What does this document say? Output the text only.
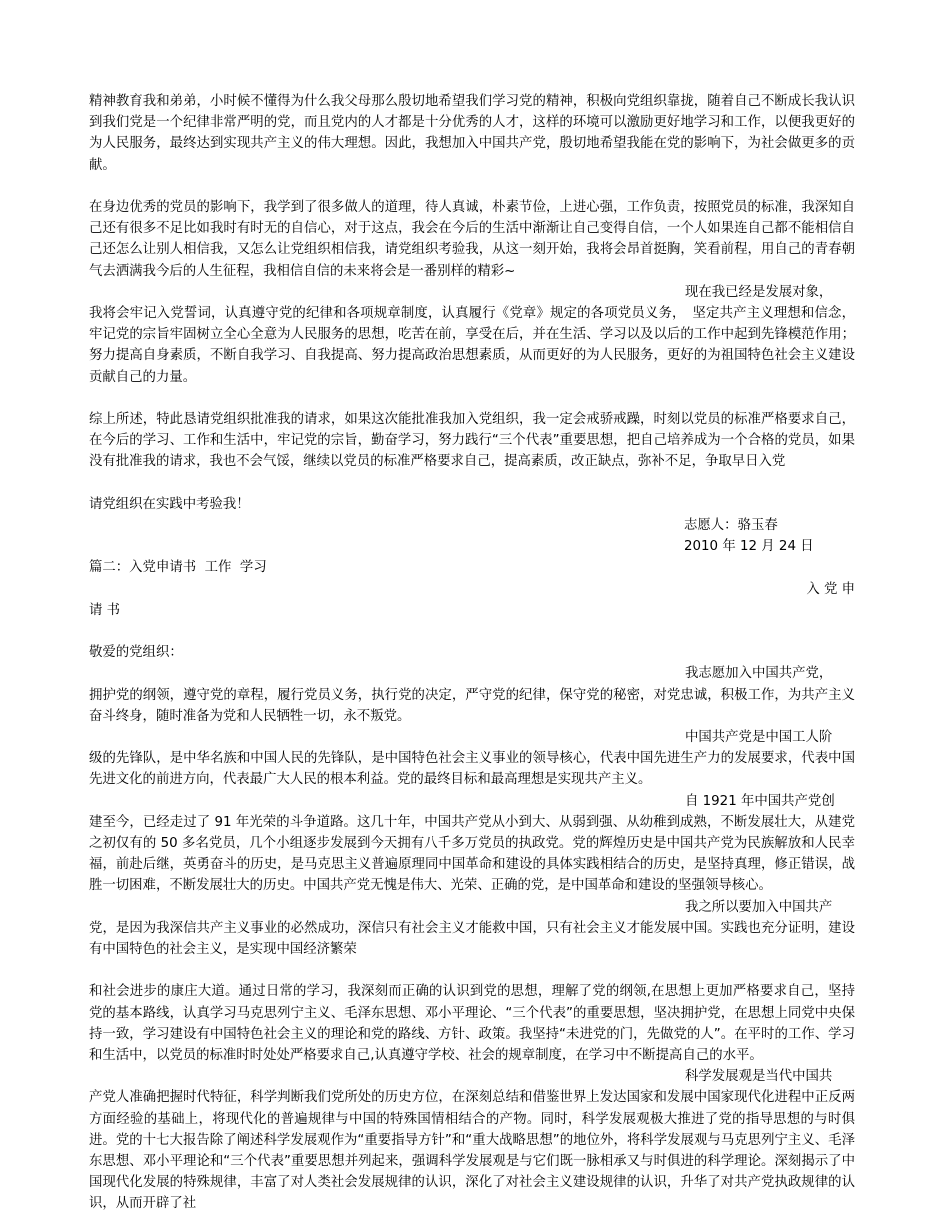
精神教育我和弟弟，小时候不懂得为什么我父母那么殷切地希望我们学习党的精神，积极向党组织靠拢，随着自己不断成长我认识到我们党是一个纪律非常严明的党，而且党内的人才都是十分优秀的人才，这样的环境可以激励更好地学习和工作，以便我更好的为人民服务，最终达到实现共产主义的伟大理想。因此，我想加入中国共产党，殷切地希望我能在党的影响下，为社会做更多的贡献。

在身边优秀的党员的影响下，我学到了很多做人的道理，待人真诚，朴素节俭，上进心强，工作负责，按照党员的标准，我深知自己还有很多不足比如我时有时无的自信心，对于这点，我会在今后的生活中渐渐让自己变得自信，一个人如果连自己都不能相信自己还怎么让别人相信我，又怎么让党组织相信我，请党组织考验我，从这一刻开始，我将会昂首挺胸，笑看前程，用自己的青春朝气去洒满我今后的人生征程，我相信自信的未来将会是一番别样的精彩~

现在我已经是发展对象，

我将会牢记入党誓词，认真遵守党的纪律和各项规章制度，认真履行《党章》规定的各项党员义务，　坚定共产主义理想和信念，牢记党的宗旨牢固树立全心全意为人民服务的思想，吃苦在前，享受在后，并在生活、学习以及以后的工作中起到先锋模范作用；努力提高自身素质，不断自我学习、自我提高、努力提高政治思想素质，从而更好的为人民服务，更好的为祖国特色社会主义建设贡献自己的力量。

综上所述，特此恳请党组织批准我的请求，如果这次能批准我加入党组织，我一定会戒骄戒躁，时刻以党员的标准严格要求自己，在今后的学习、工作和生活中，牢记党的宗旨，勤奋学习，努力践行“三个代表”重要思想，把自己培养成为一个合格的党员，如果没有批准我的请求，我也不会气馁，继续以党员的标准严格要求自己，提高素质，改正缺点，弥补不足，争取早日入党

请党组织在实践中考验我！

志愿人：骆玉春

2010 年 12 月 24 日

篇二：入党申请书  工作  学习

入 党 申

请 书

敬爱的党组织：

我志愿加入中国共产党，

拥护党的纲领，遵守党的章程，履行党员义务，执行党的决定，严守党的纪律，保守党的秘密，对党忠诚，积极工作，为共产主义奋斗终身，随时准备为党和人民牺牲一切，永不叛党。

中国共产党是中国工人阶

级的先锋队，是中华名族和中国人民的先锋队，是中国特色社会主义事业的领导核心，代表中国先进生产力的发展要求，代表中国先进文化的前进方向，代表最广大人民的根本利益。党的最终目标和最高理想是实现共产主义。

自 1921 年中国共产党创

建至今，已经走过了 91 年光荣的斗争道路。这几十年，中国共产党从小到大、从弱到强、从幼稚到成熟，不断发展壮大，从建党之初仅有的 50 多名党员，几个小组逐步发展到今天拥有八千多万党员的执政党。党的辉煌历史是中国共产党为民族解放和人民幸福，前赴后继，英勇奋斗的历史，是马克思主义普遍原理同中国革命和建设的具体实践相结合的历史，是坚持真理，修正错误，战胜一切困难，不断发展壮大的历史。中国共产党无愧是伟大、光荣、正确的党，是中国革命和建设的坚强领导核心。

我之所以要加入中国共产

党，是因为我深信共产主义事业的必然成功，深信只有社会主义才能救中国，只有社会主义才能发展中国。实践也充分证明，建设有中国特色的社会主义，是实现中国经济繁荣

和社会进步的康庄大道。通过日常的学习，我深刻而正确的认识到党的思想，理解了党的纲领,在思想上更加严格要求自己，坚持党的基本路线，认真学习马克思列宁主义、毛泽东思想、邓小平理论、“三个代表”的重要思想，坚决拥护党，在思想上同党中央保持一致，学习建设有中国特色社会主义的理论和党的路线、方针、政策。我坚持“未进党的门，先做党的人”。在平时的工作、学习和生活中，以党员的标准时时处处严格要求自己,认真遵守学校、社会的规章制度，在学习中不断提高自己的水平。

科学发展观是当代中国共

产党人准确把握时代特征，科学判断我们党所处的历史方位，在深刻总结和借鉴世界上发达国家和发展中国家现代化进程中正反两方面经验的基础上，将现代化的普遍规律与中国的特殊国情相结合的产物。同时，科学发展观极大推进了党的指导思想的与时俱进。党的十七大报告除了阐述科学发展观作为“重要指导方针”和“重大战略思想”的地位外，将科学发展观与马克思列宁主义、毛泽东思想、邓小平理论和“三个代表”重要思想并列起来，强调科学发展观是与它们既一脉相承又与时俱进的科学理论。深刻揭示了中国现代化发展的特殊规律，丰富了对人类社会发展规律的认识，深化了对社会主义建设规律的认识，升华了对共产党执政规律的认识，从而开辟了社
